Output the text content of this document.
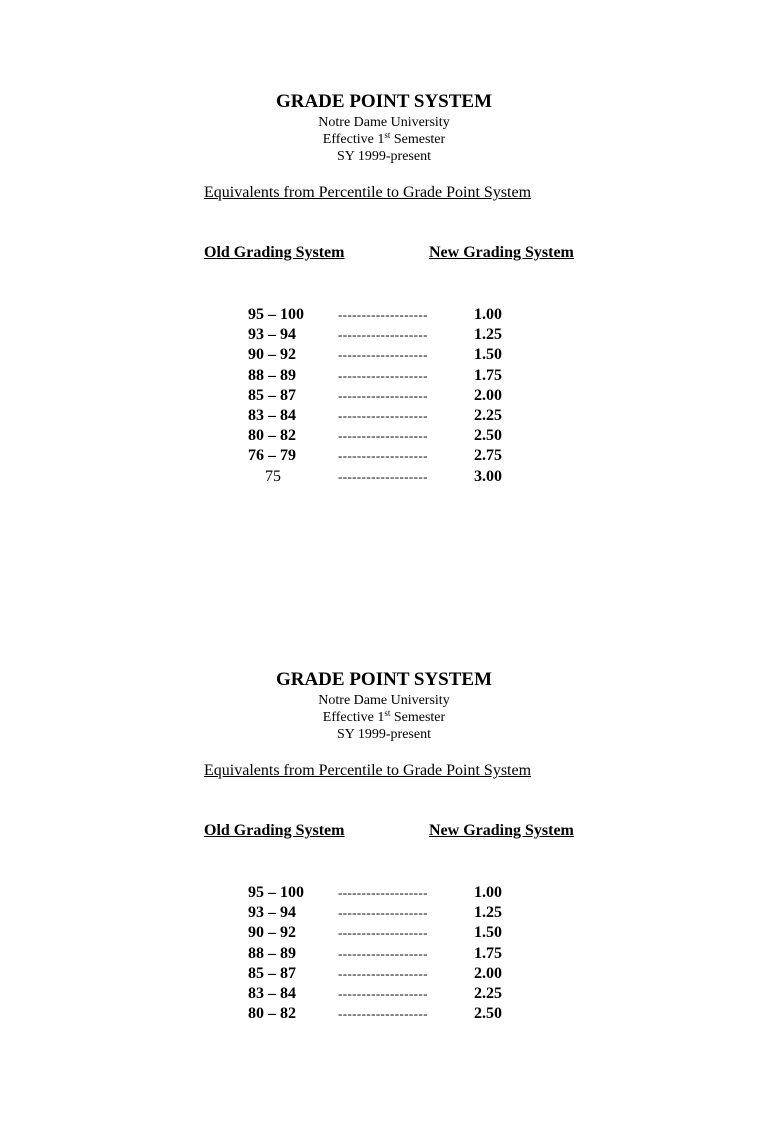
GRADE POINT SYSTEM
Notre Dame University
Effective 1st Semester
SY 1999-present
Equivalents from Percentile to Grade Point System
Old Grading System	New Grading System
95 – 100	-------------------	1.00
93 – 94	-------------------	1.25
90 – 92	-------------------	1.50
88 – 89	-------------------	1.75
85 – 87	-------------------	2.00
83 – 84	-------------------	2.25
80 – 82	-------------------	2.50
76 – 79	-------------------	2.75
75	-------------------	3.00
GRADE POINT SYSTEM
Notre Dame University
Effective 1st Semester
SY 1999-present
Equivalents from Percentile to Grade Point System
Old Grading System	New Grading System
95 – 100	-------------------	1.00
93 – 94	-------------------	1.25
90 – 92	-------------------	1.50
88 – 89	-------------------	1.75
85 – 87	-------------------	2.00
83 – 84	-------------------	2.25
80 – 82	-------------------	2.50
